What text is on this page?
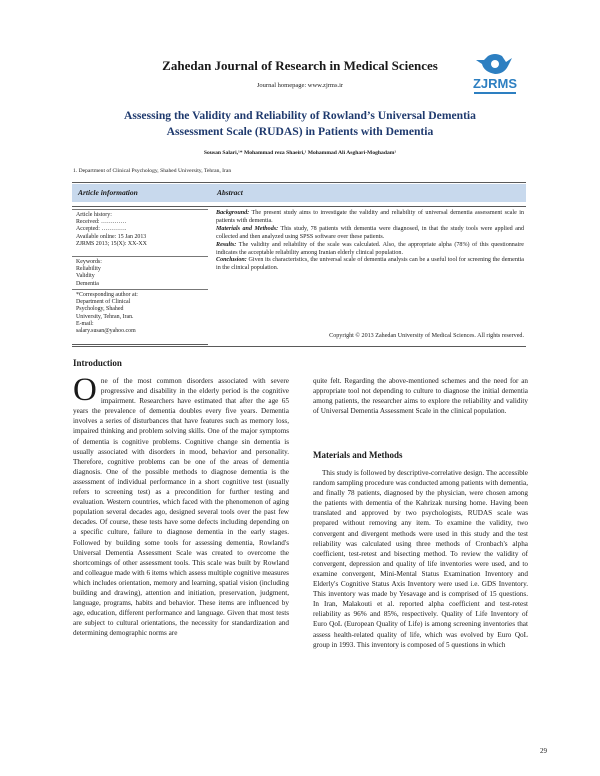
Zahedan Journal of Research in Medical Sciences
Journal homepage: www.zjrms.ir	ZJRMS
Assessing the Validity and Reliability of Rowland’s Universal Dementia
Assessment Scale (RUDAS) in Patients with Dementia
Sousan Salari,¹* Mohammad reza Shaeiri,¹ Mohammad Ali Asghari-Moghadam¹
1. Department of Clinical Psychology, Shahed University, Tehran, Iran
Article information	Abstract
Article history:
Received: ………….
Accepted: ………….
Available online: 15 Jan 2013
ZJRMS 2013; 15(X): XX-XX
Keywords:
Reliability
Validity
Dementia
*Corresponding author at:
Department of Clinical
Psychology, Shahed
University, Tehran, Iran.
E-mail:
salary.susan@yahoo.com
Background: The present study aims to investigate the validity and reliability of universal dementia assessment scale in patients with dementia.
Materials and Methods: This study, 78 patients with dementia were diagnosed, in that the study tools were applied and collected and then analyzed using SPSS software over these patients.
Results: The validity and reliability of the scale was calculated. Also, the appropriate alpha (78%) of this questionnaire indicates the acceptable reliability among Iranian elderly clinical population.
Conclusion: Given its characteristics, the universal scale of dementia analysis can be a useful tool for screening the dementia in the clinical population.
Copyright © 2013 Zahedan University of Medical Sciences. All rights reserved.
Introduction
One of the most common disorders associated with severe progressive and disability in the elderly period is the cognitive impairment. Researchers have estimated that after the age 65 years the prevalence of dementia doubles every five years. Dementia involves a series of disturbances that have features such as memory loss, impaired thinking and problem solving skills. One of the major symptoms of dementia is cognitive problems. Cognitive change sin dementia is usually associated with disorders in mood, behavior and personality. Therefore, cognitive problems can be one of the areas of dementia diagnosis. One of the possible methods to diagnose dementia is the assessment of individual performance in a short cognitive test (usually refers to screening test) as a precondition for further testing and evaluation. Western countries, which faced with the phenomenon of aging population several decades ago, designed several tools over the past few decades. Of course, these tests have some defects including depending on a specific culture, failure to diagnose dementia in the early stages. Followed by building some tools for assessing dementia, Rowland's Universal Dementia Assessment Scale was created to overcome the shortcomings of other assessment tools. This scale was built by Rowland and colleague made with 6 items which assess multiple cognitive measures which includes orientation, memory and learning, spatial vision (including building and drawing), attention and initiation, preservation, judgment, language, programs, habits and behavior. These items are influenced by age, education, different performance and language. Given that most tests are subject to cultural orientations, the necessity for standardization and determining demographic norms are
quite felt. Regarding the above-mentioned schemes and the need for an appropriate tool not depending to culture to diagnose the initial dementia among patients, the researcher aims to explore the reliability and validity of Universal Dementia Assessment Scale in the clinical population.
Materials and Methods

This study is followed by descriptive-correlative design. The accessible random sampling procedure was conducted among patients with dementia, and finally 78 patients, diagnosed by the physician, were chosen among the patients with dementia of the Kahrizak nursing home. Having been translated and approved by two psychologists, RUDAS scale was prepared without removing any item. To examine the validity, two convergent and divergent methods were used in this study and the test reliability was calculated using three methods of Cronbach's alpha coefficient, test-retest and bisecting method. To review the validity of convergent, depression and quality of life inventories were used, and to examine convergent, Mini-Mental Status Examination Inventory and Elderly's Cognitive Status Axis Inventory were used i.e. GDS Inventory. This inventory was made by Yesavage and is comprised of 15 questions. In Iran, Malakouti et al. reported alpha coefficient and test-retest reliability as 96% and 85%, respectively. Quality of Life Inventory of Euro QoL (European Quality of Life) is among screening inventories that assess health-related quality of life, which was evolved by Euro QoL group in 1993. This inventory is composed of 5 questions in which

29
